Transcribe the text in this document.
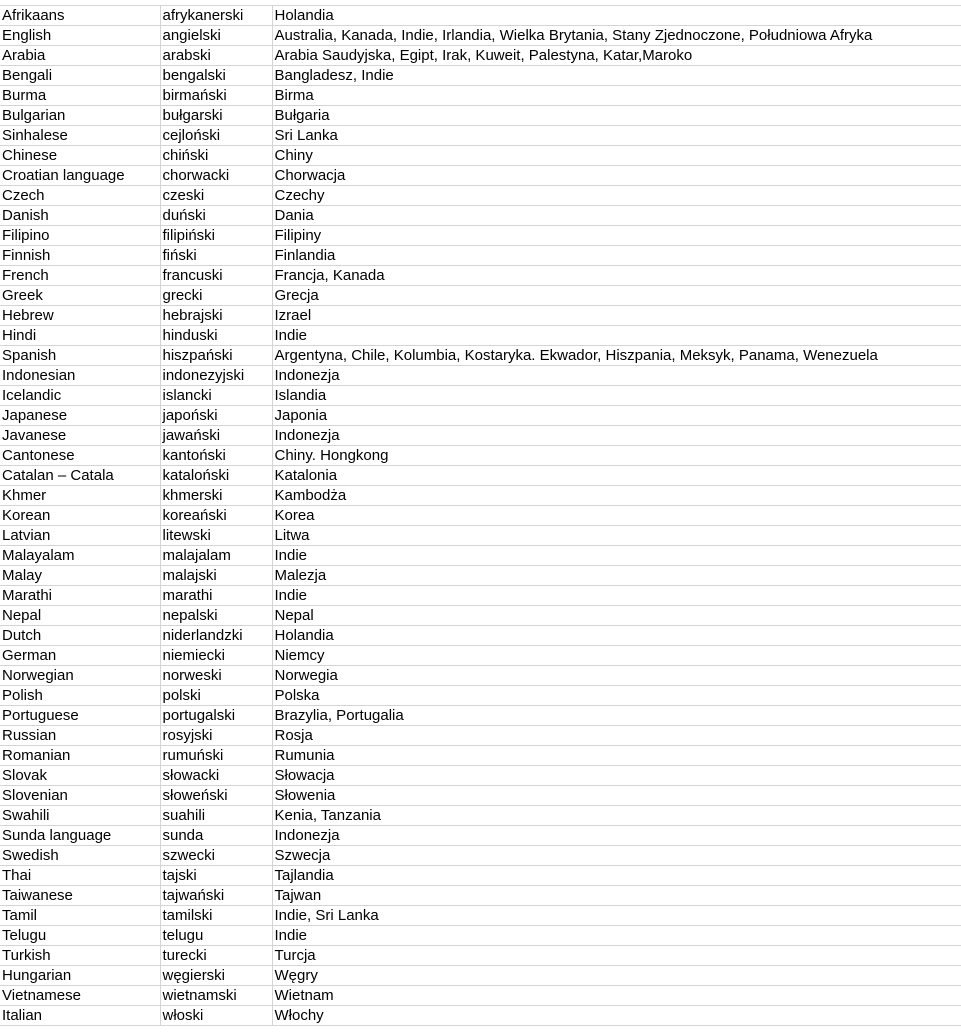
Afrikaans	afrykanerski	Holandia
English	angielski	Australia, Kanada, Indie, Irlandia, Wielka Brytania, Stany Zjednoczone, Południowa Afryka
Arabia	arabski	Arabia Saudyjska, Egipt, Irak, Kuweit, Palestyna, Katar,Maroko
Bengali	bengalski	Bangladesz, Indie
Burma	birmański	Birma
Bulgarian	bułgarski	Bułgaria
Sinhalese	cejloński	Sri Lanka
Chinese	chiński	Chiny
Croatian language	chorwacki	Chorwacja
Czech	czeski	Czechy
Danish	duński	Dania
Filipino	filipiński	Filipiny
Finnish	fiński	Finlandia
French	francuski	Francja, Kanada
Greek	grecki	Grecja
Hebrew	hebrajski	Izrael
Hindi	hinduski	Indie
Spanish	hiszpański	Argentyna, Chile, Kolumbia, Kostaryka. Ekwador, Hiszpania, Meksyk, Panama, Wenezuela
Indonesian	indonezyjski	Indonezja
Icelandic	islancki	Islandia
Japanese	japoński	Japonia
Javanese	jawański	Indonezja
Cantonese	kantoński	Chiny. Hongkong
Catalan – Catala	kataloński	Katalonia
Khmer	khmerski	Kambodża
Korean	koreański	Korea
Latvian	litewski	Litwa
Malayalam	malajalam	Indie
Malay	malajski	Malezja
Marathi	marathi	Indie
Nepal	nepalski	Nepal
Dutch	niderlandzki	Holandia
German	niemiecki	Niemcy
Norwegian	norweski	Norwegia
Polish	polski	Polska
Portuguese	portugalski	Brazylia, Portugalia
Russian	rosyjski	Rosja
Romanian	rumuński	Rumunia
Slovak	słowacki	Słowacja
Slovenian	słoweński	Słowenia
Swahili	suahili	Kenia, Tanzania
Sunda language	sunda	Indonezja
Swedish	szwecki	Szwecja
Thai	tajski	Tajlandia
Taiwanese	tajwański	Tajwan
Tamil	tamilski	Indie, Sri Lanka
Telugu	telugu	Indie
Turkish	turecki	Turcja
Hungarian	węgierski	Węgry
Vietnamese	wietnamski	Wietnam
Italian	włoski	Włochy
